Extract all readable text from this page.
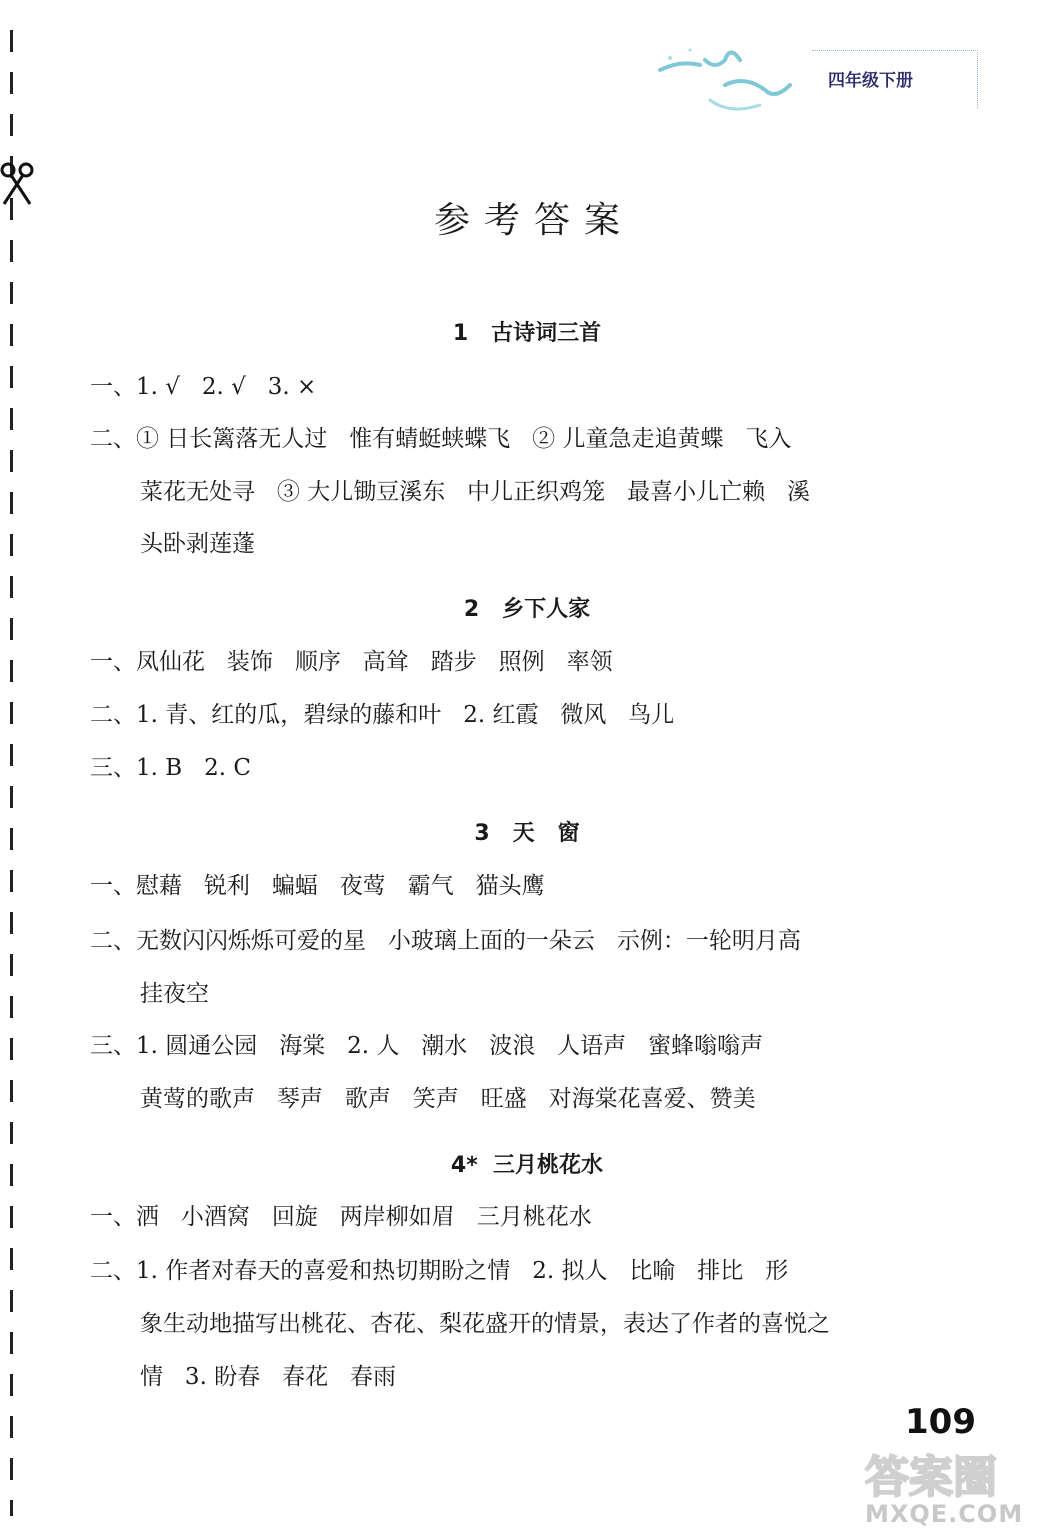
四年级下册
参考答案
1   古诗词三首
一、1. √   2. √   3. ×
二、① 日长篱落无人过   惟有蜻蜓蛱蝶飞   ② 儿童急走追黄蝶   飞入
菜花无处寻   ③ 大儿锄豆溪东   中儿正织鸡笼   最喜小儿亡赖   溪
头卧剥莲蓬
2   乡下人家
一、凤仙花   装饰   顺序   高耸   踏步   照例   率领
二、1. 青、红的瓜，碧绿的藤和叶   2. 红霞   微风   鸟儿
三、1. B   2. C
3   天   窗
一、慰藉   锐利   蝙蝠   夜莺   霸气   猫头鹰
二、无数闪闪烁烁可爱的星   小玻璃上面的一朵云   示例：一轮明月高
挂夜空
三、1. 圆通公园   海棠   2. 人   潮水   波浪   人语声   蜜蜂嗡嗡声
黄莺的歌声   琴声   歌声   笑声   旺盛   对海棠花喜爱、赞美
4*  三月桃花水
一、洒   小酒窝   回旋   两岸柳如眉   三月桃花水
二、1. 作者对春天的喜爱和热切期盼之情   2. 拟人   比喻   排比   形
象生动地描写出桃花、杏花、梨花盛开的情景，表达了作者的喜悦之
情   3. 盼春   春花   春雨
109
答案圈
MXQE.COM
